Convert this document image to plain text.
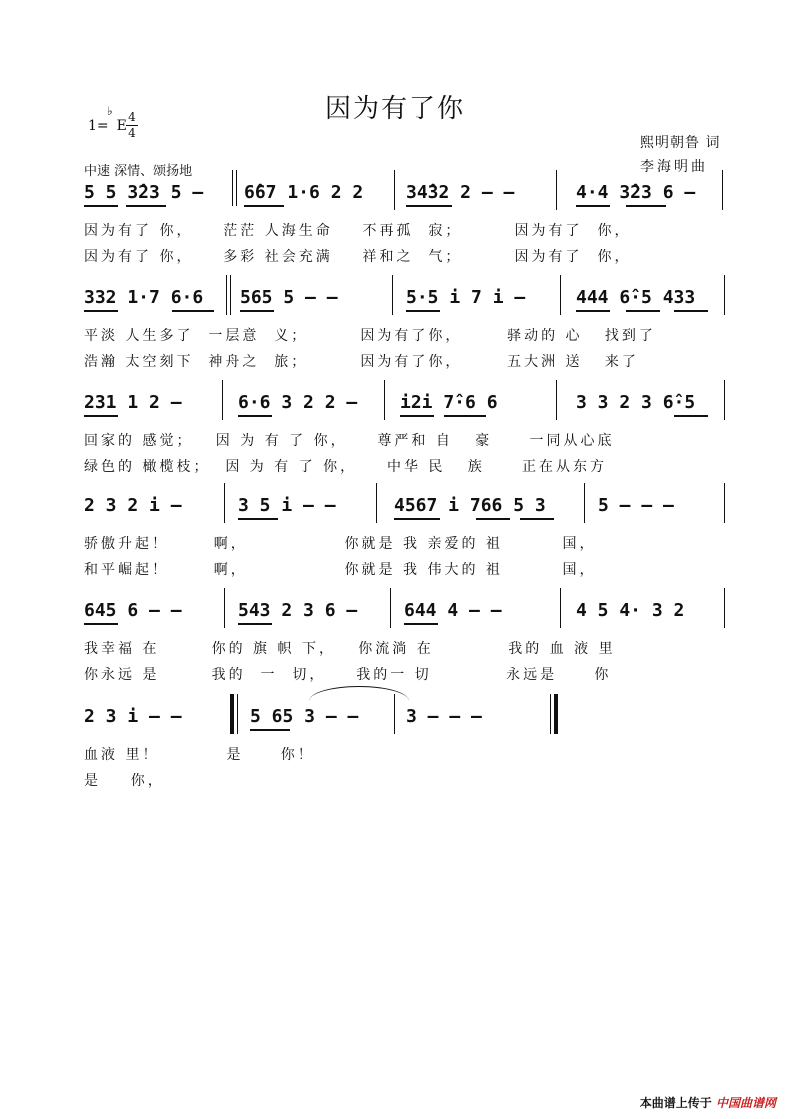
因为有了你
1=
♭
E $\frac{4}{4}$
中速 深情、颂扬地
熙明朝鲁 词
李海明曲
5 5 3̂23 5 – 6̂67 1·6 2 2 34̂32 2 – –	4·4 3̂23 6 –
因为有了 你，    茫茫 人海生命    不再孤  寂；       因为有了  你，
因为有了 你，    多彩 社会充满    祥和之  气；       因为有了  你，
332 1·7 6·6 565 5 – –	5·5 i 7 i –	444 6̂·5 433
平淡 人生多了  一层意  义；       因为有了你，      驿动的 心   找到了
浩瀚 太空刻下  神舟之  旅；       因为有了你，      五大洲 送   来了
231 1 2 –	6·6 3 2 2 – i2i 7̂·6 6	3 3 2 3 6̂·5
回家的 感觉；   因 为 有 了 你，    尊严和 自   豪     一同从心底
绿色的 橄榄枝；  因 为 有 了 你，    中华 民   族     正在从东方
2 3 2 i –	3 5 i – –	4567 i 766 5 3	5 – – –
骄傲升起！      啊，             你就是 我 亲爱的 祖        国，
和平崛起！      啊，             你就是 我 伟大的 祖        国，
645 6 – –	543 2 3 6 –	644 4 – –	4 5 4· 3 2
我幸福 在       你的 旗 帜 下，   你流淌 在          我的 血 液 里
你永远 是       我的  一  切，    我的一 切          永远是     你
2 3 i – –	5 65 3 – –	3 – – –
血液 里！         是     你！
是    你，
本曲谱上传于 中国曲谱网
